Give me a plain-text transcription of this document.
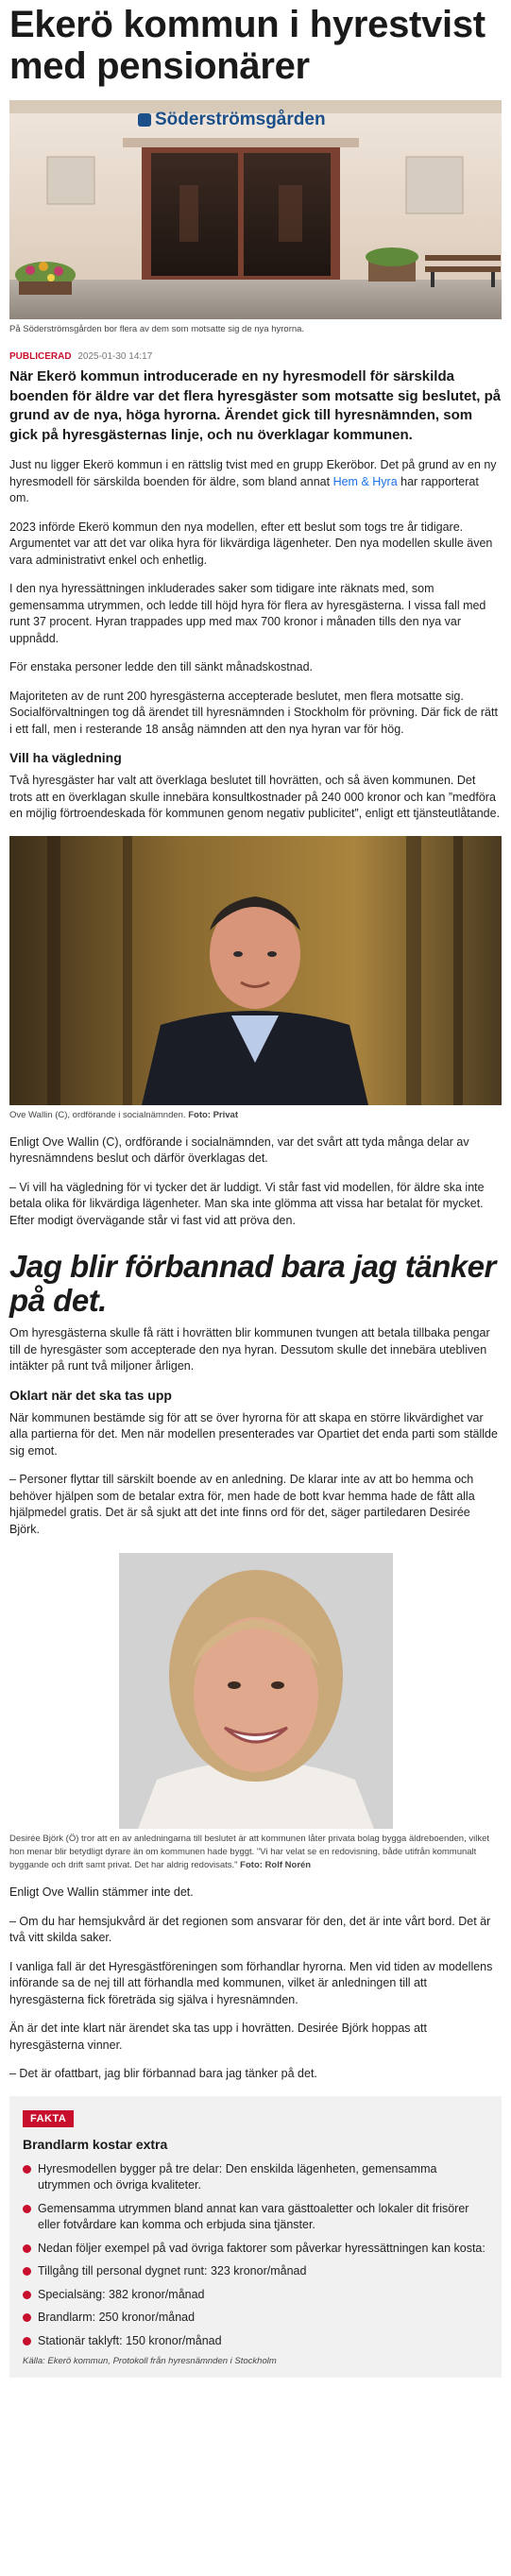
Ekerö kommun i hyrestvist med pensionärer
Söderströmsgården
På Söderströmsgården bor flera av dem som motsatte sig de nya hyrorna.
PUBLICERAD 2025-01-30 14:17

När Ekerö kommun introducerade en ny hyresmodell för särskilda boenden för äldre var det flera hyresgäster som motsatte sig beslutet, på grund av de nya, höga hyrorna. Ärendet gick till hyresnämnden, som gick på hyresgästernas linje, och nu överklagar kommunen.

Just nu ligger Ekerö kommun i en rättslig tvist med en grupp Ekeröbor. Det på grund av en ny hyresmodell för särskilda boenden för äldre, som bland annat Hem & Hyra har rapporterat om.

2023 införde Ekerö kommun den nya modellen, efter ett beslut som togs tre år tidigare. Argumentet var att det var olika hyra för likvärdiga lägenheter. Den nya modellen skulle även vara administrativt enkel och enhetlig.

I den nya hyressättningen inkluderades saker som tidigare inte räknats med, som gemensamma utrymmen, och ledde till höjd hyra för flera av hyresgästerna. I vissa fall med runt 37 procent. Hyran trappades upp med max 700 kronor i månaden tills den nya var uppnådd.

För enstaka personer ledde den till sänkt månadskostnad.

Majoriteten av de runt 200 hyresgästerna accepterade beslutet, men flera motsatte sig. Socialförvaltningen tog då ärendet till hyresnämnden i Stockholm för prövning. Där fick de rätt i ett fall, men i resterande 18 ansåg nämnden att den nya hyran var för hög.

Vill ha vägledning

Två hyresgäster har valt att överklaga beslutet till hovrätten, och så även kommunen. Det trots att en överklagan skulle innebära konsultkostnader på 240 000 kronor och kan ”medföra en möjlig förtroendeskada för kommunen genom negativ publicitet”, enligt ett tjänsteutlåtande.

Ove Wallin (C), ordförande i socialnämnden. Foto: Privat

Enligt Ove Wallin (C), ordförande i socialnämnden, var det svårt att tyda många delar av hyresnämndens beslut och därför överklagas det.

– Vi vill ha vägledning för vi tycker det är luddigt. Vi står fast vid modellen, för äldre ska inte betala olika för likvärdiga lägenheter. Man ska inte glömma att vissa har betalat för mycket. Efter modigt övervägande står vi fast vid att pröva den.

Jag blir förbannad bara jag tänker på det.

Om hyresgästerna skulle få rätt i hovrätten blir kommunen tvungen att betala tillbaka pengar till de hyresgäster som accepterade den nya hyran. Dessutom skulle det innebära utebliven intäkter på runt två miljoner årligen.

Oklart när det ska tas upp

När kommunen bestämde sig för att se över hyrorna för att skapa en större likvärdighet var alla partierna för det. Men när modellen presenterades var Opartiet det enda parti som ställde sig emot.

– Personer flyttar till särskilt boende av en anledning. De klarar inte av att bo hemma och behöver hjälpen som de betalar extra för, men hade de bott kvar hemma hade de fått alla hjälpmedel gratis. Det är så sjukt att det inte finns ord för det, säger partiledaren Desirée Björk.

Desirée Björk (Ö) tror att en av anledningarna till beslutet är att kommunen låter privata bolag bygga äldreboenden, vilket hon menar blir betydligt dyrare än om kommunen hade byggt. "Vi har velat se en redovisning, både utifrån kommunalt byggande och drift samt privat. Det har aldrig redovisats." Foto: Rolf Norén

Enligt Ove Wallin stämmer inte det.

– Om du har hemsjukvård är det regionen som ansvarar för den, det är inte vårt bord. Det är två vitt skilda saker.

I vanliga fall är det Hyresgästföreningen som förhandlar hyrorna. Men vid tiden av modellens införande sa de nej till att förhandla med kommunen, vilket är anledningen till att hyresgästerna fick företräda sig själva i hyresnämnden.

Än är det inte klart när ärendet ska tas upp i hovrätten. Desirée Björk hoppas att hyresgästerna vinner.

– Det är ofattbart, jag blir förbannad bara jag tänker på det.

FAKTA
Brandlarm kostar extra
Hyresmodellen bygger på tre delar: Den enskilda lägenheten, gemensamma utrymmen och övriga kvaliteter.
Gemensamma utrymmen bland annat kan vara gästtoaletter och lokaler dit frisörer eller fotvårdare kan komma och erbjuda sina tjänster.
Nedan följer exempel på vad övriga faktorer som påverkar hyressättningen kan kosta:
Tillgång till personal dygnet runt: 323 kronor/månad
Specialsäng: 382 kronor/månad
Brandlarm: 250 kronor/månad
Stationär taklyft: 150 kronor/månad
Källa: Ekerö kommun, Protokoll från hyresnämnden i Stockholm
